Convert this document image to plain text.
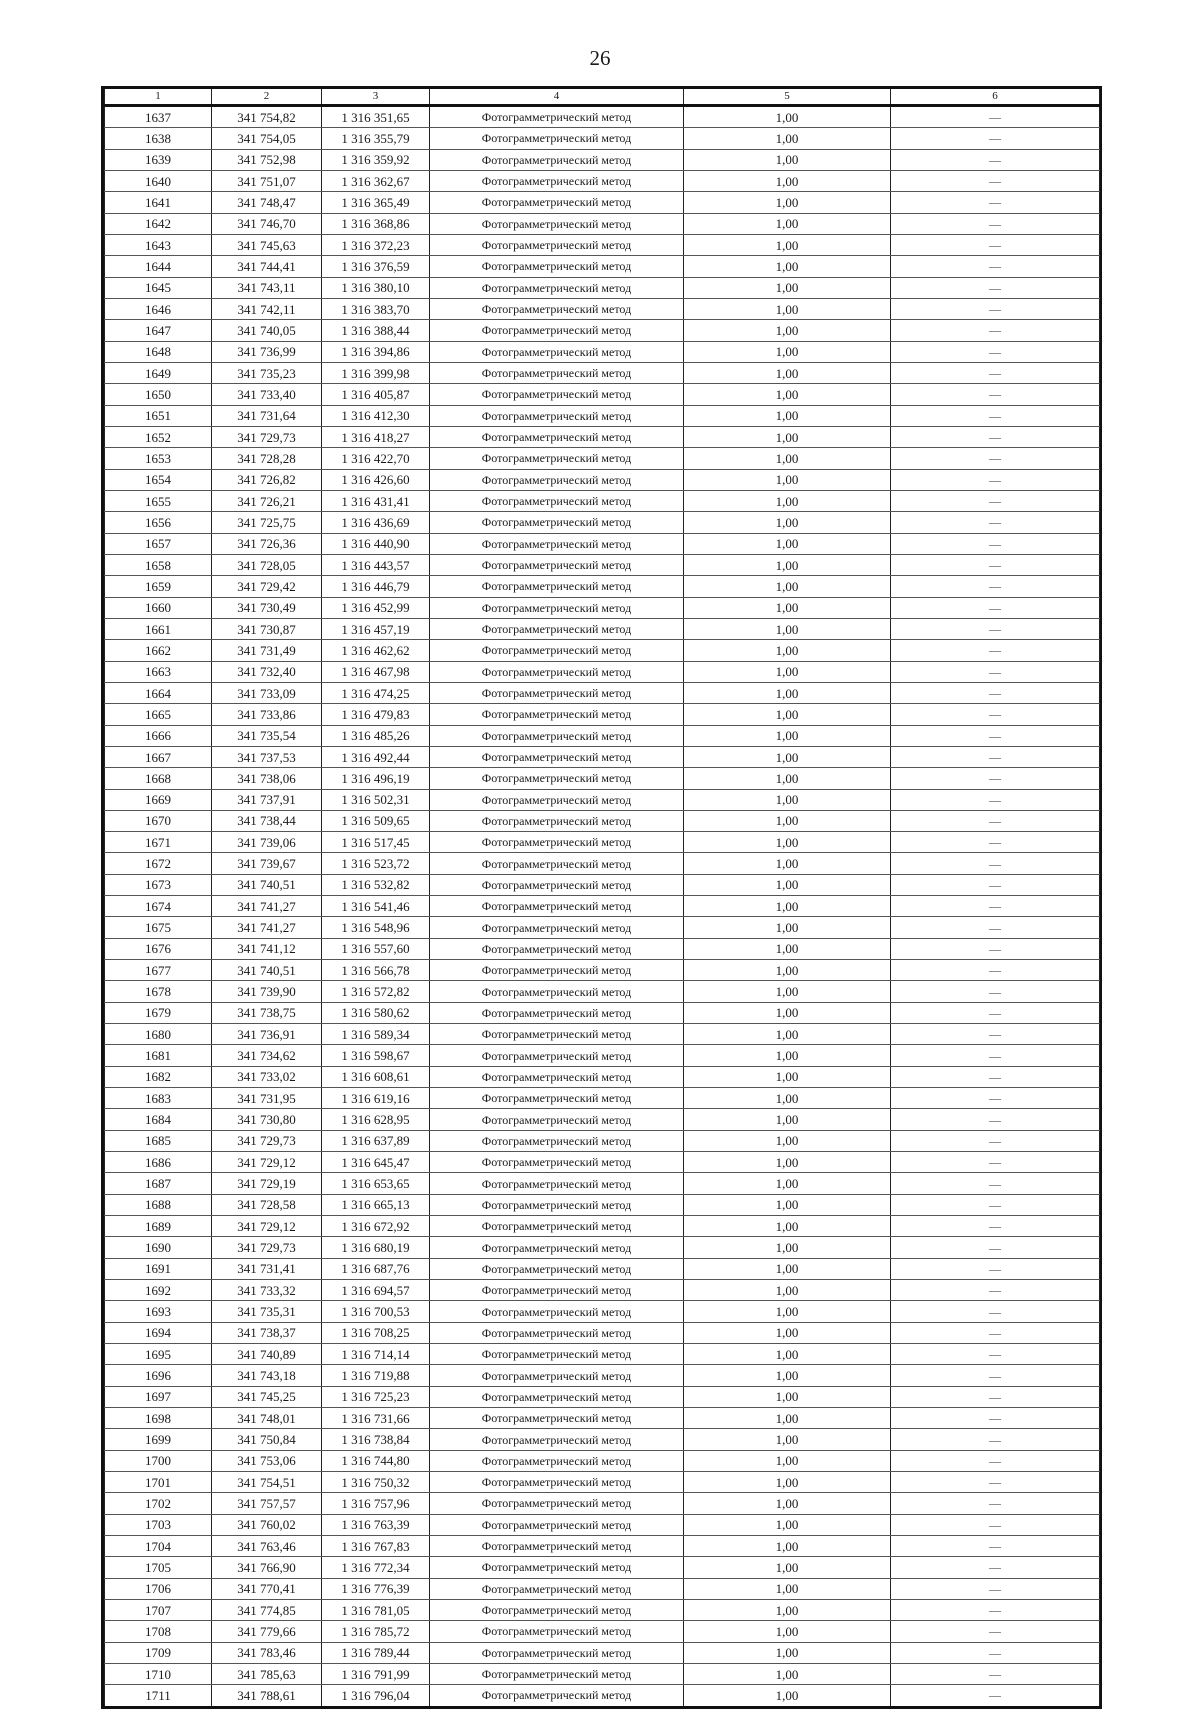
26
1	2	3	4	5	6
1637	341 754,82	1 316 351,65	Фотограмметрический метод	1,00	—
1638	341 754,05	1 316 355,79	Фотограмметрический метод	1,00	—
1639	341 752,98	1 316 359,92	Фотограмметрический метод	1,00	—
1640	341 751,07	1 316 362,67	Фотограмметрический метод	1,00	—
1641	341 748,47	1 316 365,49	Фотограмметрический метод	1,00	—
1642	341 746,70	1 316 368,86	Фотограмметрический метод	1,00	—
1643	341 745,63	1 316 372,23	Фотограмметрический метод	1,00	—
1644	341 744,41	1 316 376,59	Фотограмметрический метод	1,00	—
1645	341 743,11	1 316 380,10	Фотограмметрический метод	1,00	—
1646	341 742,11	1 316 383,70	Фотограмметрический метод	1,00	—
1647	341 740,05	1 316 388,44	Фотограмметрический метод	1,00	—
1648	341 736,99	1 316 394,86	Фотограмметрический метод	1,00	—
1649	341 735,23	1 316 399,98	Фотограмметрический метод	1,00	—
1650	341 733,40	1 316 405,87	Фотограмметрический метод	1,00	—
1651	341 731,64	1 316 412,30	Фотограмметрический метод	1,00	—
1652	341 729,73	1 316 418,27	Фотограмметрический метод	1,00	—
1653	341 728,28	1 316 422,70	Фотограмметрический метод	1,00	—
1654	341 726,82	1 316 426,60	Фотограмметрический метод	1,00	—
1655	341 726,21	1 316 431,41	Фотограмметрический метод	1,00	—
1656	341 725,75	1 316 436,69	Фотограмметрический метод	1,00	—
1657	341 726,36	1 316 440,90	Фотограмметрический метод	1,00	—
1658	341 728,05	1 316 443,57	Фотограмметрический метод	1,00	—
1659	341 729,42	1 316 446,79	Фотограмметрический метод	1,00	—
1660	341 730,49	1 316 452,99	Фотограмметрический метод	1,00	—
1661	341 730,87	1 316 457,19	Фотограмметрический метод	1,00	—
1662	341 731,49	1 316 462,62	Фотограмметрический метод	1,00	—
1663	341 732,40	1 316 467,98	Фотограмметрический метод	1,00	—
1664	341 733,09	1 316 474,25	Фотограмметрический метод	1,00	—
1665	341 733,86	1 316 479,83	Фотограмметрический метод	1,00	—
1666	341 735,54	1 316 485,26	Фотограмметрический метод	1,00	—
1667	341 737,53	1 316 492,44	Фотограмметрический метод	1,00	—
1668	341 738,06	1 316 496,19	Фотограмметрический метод	1,00	—
1669	341 737,91	1 316 502,31	Фотограмметрический метод	1,00	—
1670	341 738,44	1 316 509,65	Фотограмметрический метод	1,00	—
1671	341 739,06	1 316 517,45	Фотограмметрический метод	1,00	—
1672	341 739,67	1 316 523,72	Фотограмметрический метод	1,00	—
1673	341 740,51	1 316 532,82	Фотограмметрический метод	1,00	—
1674	341 741,27	1 316 541,46	Фотограмметрический метод	1,00	—
1675	341 741,27	1 316 548,96	Фотограмметрический метод	1,00	—
1676	341 741,12	1 316 557,60	Фотограмметрический метод	1,00	—
1677	341 740,51	1 316 566,78	Фотограмметрический метод	1,00	—
1678	341 739,90	1 316 572,82	Фотограмметрический метод	1,00	—
1679	341 738,75	1 316 580,62	Фотограмметрический метод	1,00	—
1680	341 736,91	1 316 589,34	Фотограмметрический метод	1,00	—
1681	341 734,62	1 316 598,67	Фотограмметрический метод	1,00	—
1682	341 733,02	1 316 608,61	Фотограмметрический метод	1,00	—
1683	341 731,95	1 316 619,16	Фотограмметрический метод	1,00	—
1684	341 730,80	1 316 628,95	Фотограмметрический метод	1,00	—
1685	341 729,73	1 316 637,89	Фотограмметрический метод	1,00	—
1686	341 729,12	1 316 645,47	Фотограмметрический метод	1,00	—
1687	341 729,19	1 316 653,65	Фотограмметрический метод	1,00	—
1688	341 728,58	1 316 665,13	Фотограмметрический метод	1,00	—
1689	341 729,12	1 316 672,92	Фотограмметрический метод	1,00	—
1690	341 729,73	1 316 680,19	Фотограмметрический метод	1,00	—
1691	341 731,41	1 316 687,76	Фотограмметрический метод	1,00	—
1692	341 733,32	1 316 694,57	Фотограмметрический метод	1,00	—
1693	341 735,31	1 316 700,53	Фотограмметрический метод	1,00	—
1694	341 738,37	1 316 708,25	Фотограмметрический метод	1,00	—
1695	341 740,89	1 316 714,14	Фотограмметрический метод	1,00	—
1696	341 743,18	1 316 719,88	Фотограмметрический метод	1,00	—
1697	341 745,25	1 316 725,23	Фотограмметрический метод	1,00	—
1698	341 748,01	1 316 731,66	Фотограмметрический метод	1,00	—
1699	341 750,84	1 316 738,84	Фотограмметрический метод	1,00	—
1700	341 753,06	1 316 744,80	Фотограмметрический метод	1,00	—
1701	341 754,51	1 316 750,32	Фотограмметрический метод	1,00	—
1702	341 757,57	1 316 757,96	Фотограмметрический метод	1,00	—
1703	341 760,02	1 316 763,39	Фотограмметрический метод	1,00	—
1704	341 763,46	1 316 767,83	Фотограмметрический метод	1,00	—
1705	341 766,90	1 316 772,34	Фотограмметрический метод	1,00	—
1706	341 770,41	1 316 776,39	Фотограмметрический метод	1,00	—
1707	341 774,85	1 316 781,05	Фотограмметрический метод	1,00	—
1708	341 779,66	1 316 785,72	Фотограмметрический метод	1,00	—
1709	341 783,46	1 316 789,44	Фотограмметрический метод	1,00	—
1710	341 785,63	1 316 791,99	Фотограмметрический метод	1,00	—
1711	341 788,61	1 316 796,04	Фотограмметрический метод	1,00	—
